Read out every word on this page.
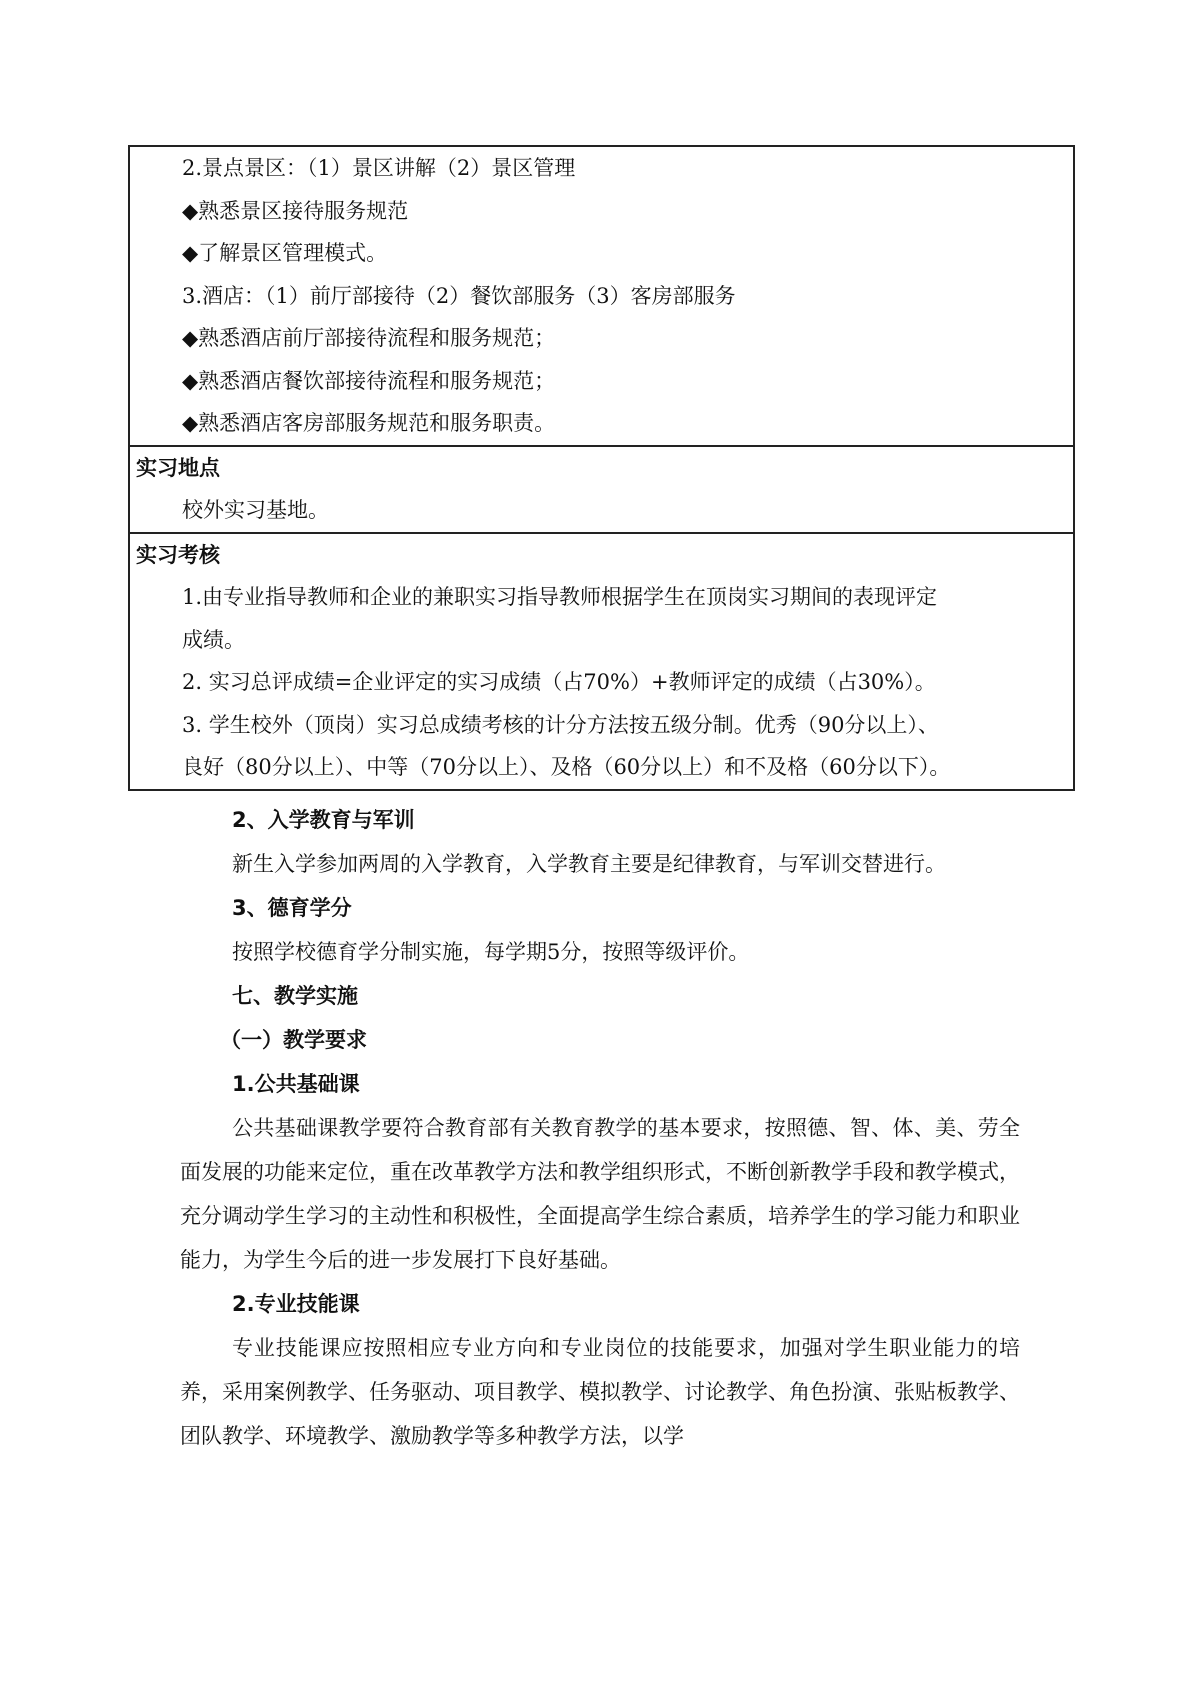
2.景点景区：（1）景区讲解（2）景区管理
◆熟悉景区接待服务规范
◆了解景区管理模式。
3.酒店：（1）前厅部接待（2）餐饮部服务（3）客房部服务
◆熟悉酒店前厅部接待流程和服务规范；
◆熟悉酒店餐饮部接待流程和服务规范；
◆熟悉酒店客房部服务规范和服务职责。
实习地点
校外实习基地。
实习考核
1.由专业指导教师和企业的兼职实习指导教师根据学生在顶岗实习期间的表现评定
成绩。
2. 实习总评成绩=企业评定的实习成绩（占70%）+教师评定的成绩（占30%）。
3. 学生校外（顶岗）实习总成绩考核的计分方法按五级分制。优秀（90分以上）、
良好（80分以上）、中等（70分以上）、及格（60分以上）和不及格（60分以下）。
2、入学教育与军训
新生入学参加两周的入学教育，入学教育主要是纪律教育，与军训交替进行。
3、德育学分
按照学校德育学分制实施，每学期5分，按照等级评价。
七、教学实施
（一）教学要求
1.公共基础课
公共基础课教学要符合教育部有关教育教学的基本要求，按照德、智、体、美、劳全面发展的功能来定位，重在改革教学方法和教学组织形式，不断创新教学手段和教学模式，充分调动学生学习的主动性和积极性，全面提高学生综合素质，培养学生的学习能力和职业能力，为学生今后的进一步发展打下良好基础。
2.专业技能课
专业技能课应按照相应专业方向和专业岗位的技能要求，加强对学生职业能力的培养，采用案例教学、任务驱动、项目教学、模拟教学、讨论教学、角色扮演、张贴板教学、团队教学、环境教学、激励教学等多种教学方法，以学
